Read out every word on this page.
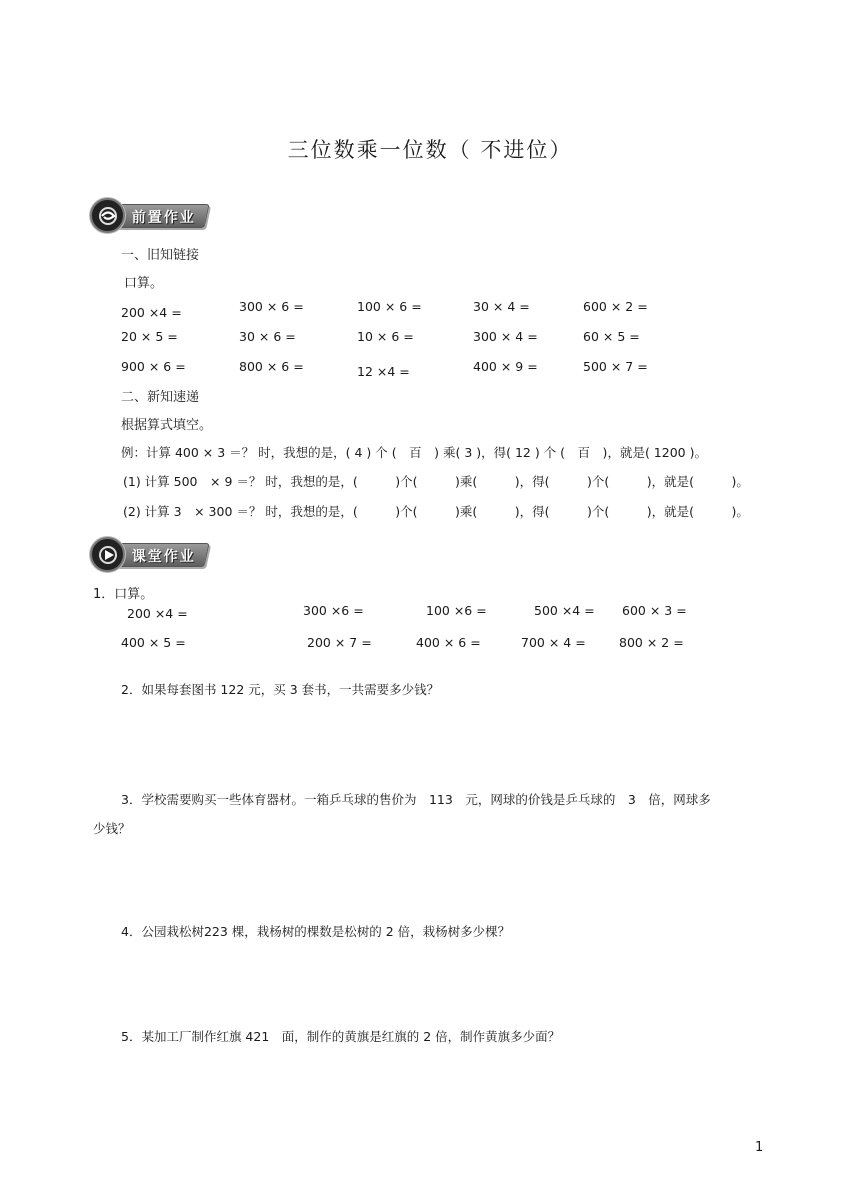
三位数乘一位数（ 不进位）
前置作业
一、旧知链接
口算。
200 ×4 =	300 × 6 =	100 × 6 =	30 × 4 =	600 × 2 =
20 × 5 =	30 × 6 =	10 × 6 =	300 × 4 =	60 × 5 =
900 × 6 =	800 × 6 =	12 ×4 =	400 × 9 =	500 × 7 =
二、新知速递
根据算式填空。
例：计算 400 × 3 ＝？ 时，我想的是，( 4 ) 个 (　百　) 乘( 3 )，得( 12 ) 个 (　百　)，就是( 1200 )。
(1) 计算 500　× 9 ＝？ 时，我想的是，(　　　)个(　　　)乘(　　　)，得(　　　)个(　　　)，就是(　　　)。
(2) 计算 3　× 300 ＝？ 时，我想的是，(　　　)个(　　　)乘(　　　)，得(　　　)个(　　　)，就是(　　　)。
课堂作业
1．口算。
200 ×4 =	300 ×6 =	100 ×6 =	500 ×4 = 600 × 3 =
400 × 5 =	200 × 7 =	400 × 6 =	700 × 4 =	800 × 2 =
2．如果每套图书 122 元，买 3 套书，一共需要多少钱？
3．学校需要购买一些体育器材。一箱乒乓球的售价为　113　元，网球的价钱是乒乓球的　3　倍，网球多
少钱？
4．公园栽松树223 棵，栽杨树的棵数是松树的 2 倍，栽杨树多少棵？
5．某加工厂制作红旗 421　面，制作的黄旗是红旗的 2 倍，制作黄旗多少面？
1
